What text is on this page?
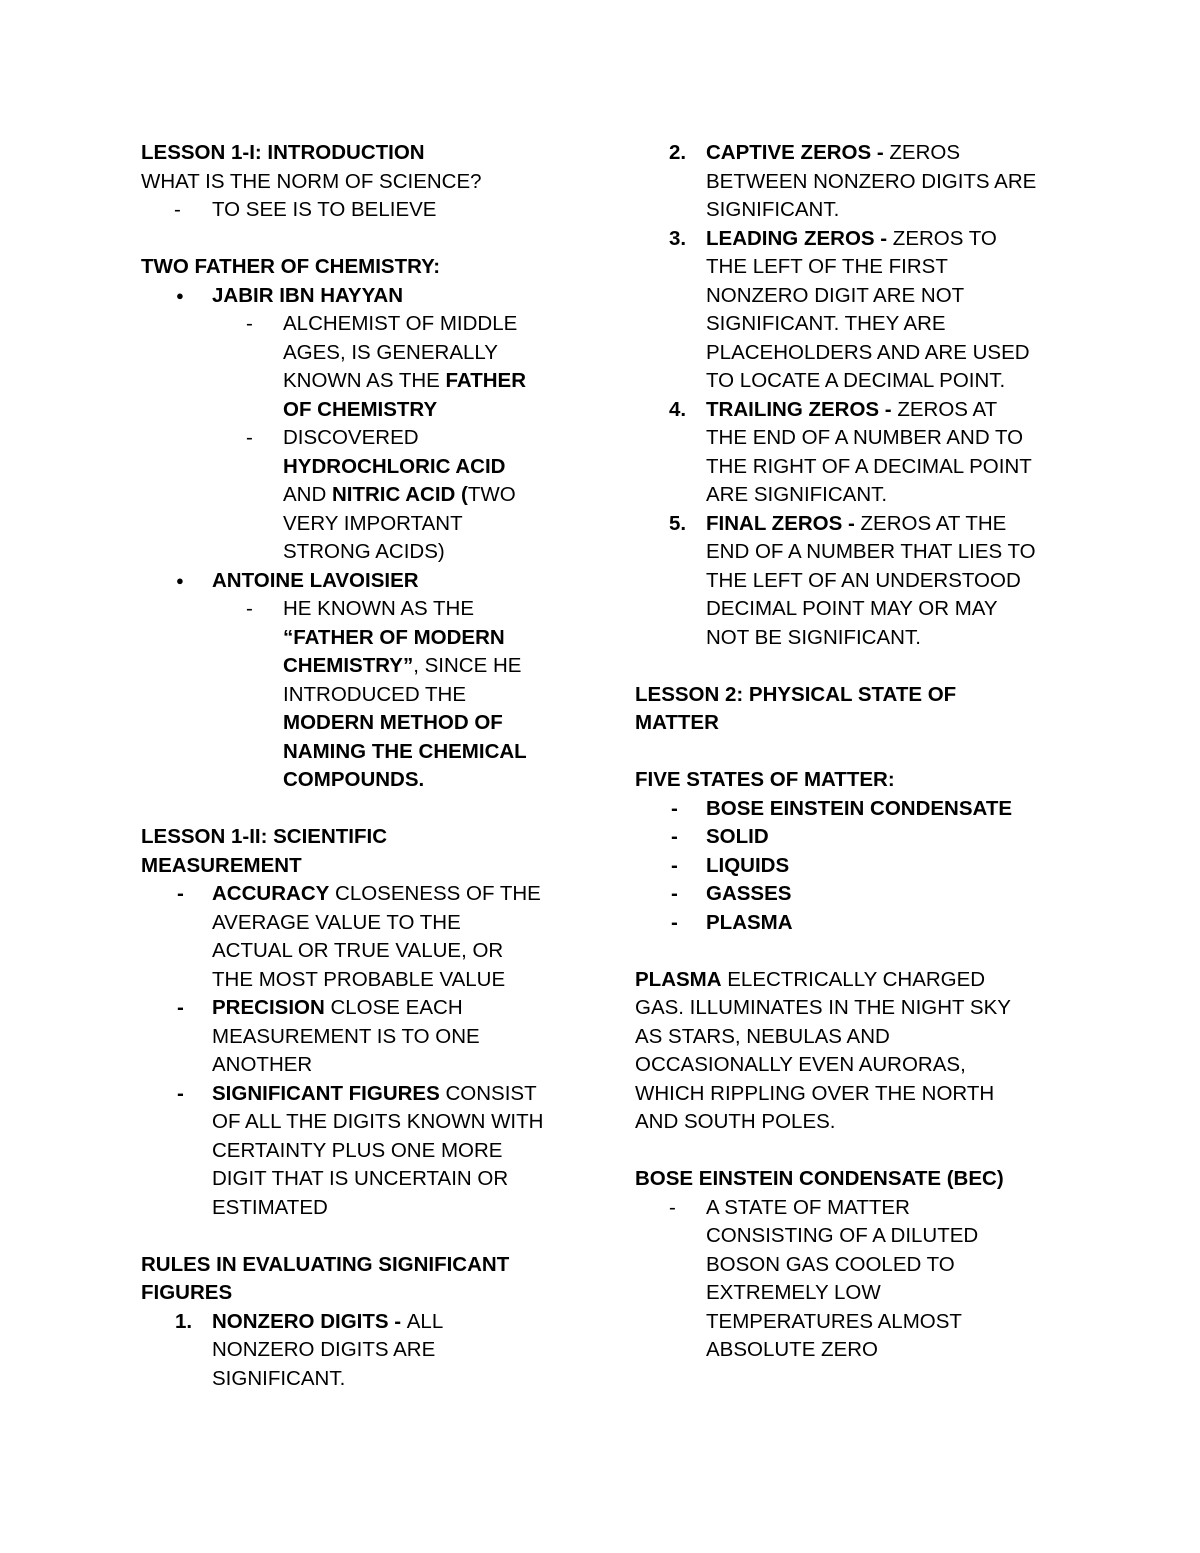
LESSON 1-I: INTRODUCTION
WHAT IS THE NORM OF SCIENCE?
- TO SEE IS TO BELIEVE
TWO FATHER OF CHEMISTRY:
● JABIR IBN HAYYAN
- ALCHEMIST OF MIDDLE
AGES, IS GENERALLY
KNOWN AS THE FATHER
OF CHEMISTRY
- DISCOVERED
HYDROCHLORIC ACID
AND NITRIC ACID (TWO
VERY IMPORTANT
STRONG ACIDS)
● ANTOINE LAVOISIER
- HE KNOWN AS THE
“FATHER OF MODERN
CHEMISTRY”, SINCE HE
INTRODUCED THE
MODERN METHOD OF
NAMING THE CHEMICAL
COMPOUNDS.
LESSON 1-II: SCIENTIFIC
MEASUREMENT
- ACCURACY CLOSENESS OF THE
AVERAGE VALUE TO THE
ACTUAL OR TRUE VALUE, OR
THE MOST PROBABLE VALUE
- PRECISION CLOSE EACH
MEASUREMENT IS TO ONE
ANOTHER
- SIGNIFICANT FIGURES CONSIST
OF ALL THE DIGITS KNOWN WITH
CERTAINTY PLUS ONE MORE
DIGIT THAT IS UNCERTAIN OR
ESTIMATED
RULES IN EVALUATING SIGNIFICANT
FIGURES
1. NONZERO DIGITS - ALL
NONZERO DIGITS ARE
SIGNIFICANT.
2. CAPTIVE ZEROS - ZEROS
BETWEEN NONZERO DIGITS ARE
SIGNIFICANT.
3. LEADING ZEROS - ZEROS TO
THE LEFT OF THE FIRST
NONZERO DIGIT ARE NOT
SIGNIFICANT. THEY ARE
PLACEHOLDERS AND ARE USED
TO LOCATE A DECIMAL POINT.
4. TRAILING ZEROS - ZEROS AT
THE END OF A NUMBER AND TO
THE RIGHT OF A DECIMAL POINT
ARE SIGNIFICANT.
5. FINAL ZEROS - ZEROS AT THE
END OF A NUMBER THAT LIES TO
THE LEFT OF AN UNDERSTOOD
DECIMAL POINT MAY OR MAY
NOT BE SIGNIFICANT.
LESSON 2: PHYSICAL STATE OF
MATTER
FIVE STATES OF MATTER:
- BOSE EINSTEIN CONDENSATE
- SOLID
- LIQUIDS
- GASSES
- PLASMA
PLASMA ELECTRICALLY CHARGED
GAS. ILLUMINATES IN THE NIGHT SKY
AS STARS, NEBULAS AND
OCCASIONALLY EVEN AURORAS,
WHICH RIPPLING OVER THE NORTH
AND SOUTH POLES.
BOSE EINSTEIN CONDENSATE (BEC)
- A STATE OF MATTER
CONSISTING OF A DILUTED
BOSON GAS COOLED TO
EXTREMELY LOW
TEMPERATURES ALMOST
ABSOLUTE ZERO
